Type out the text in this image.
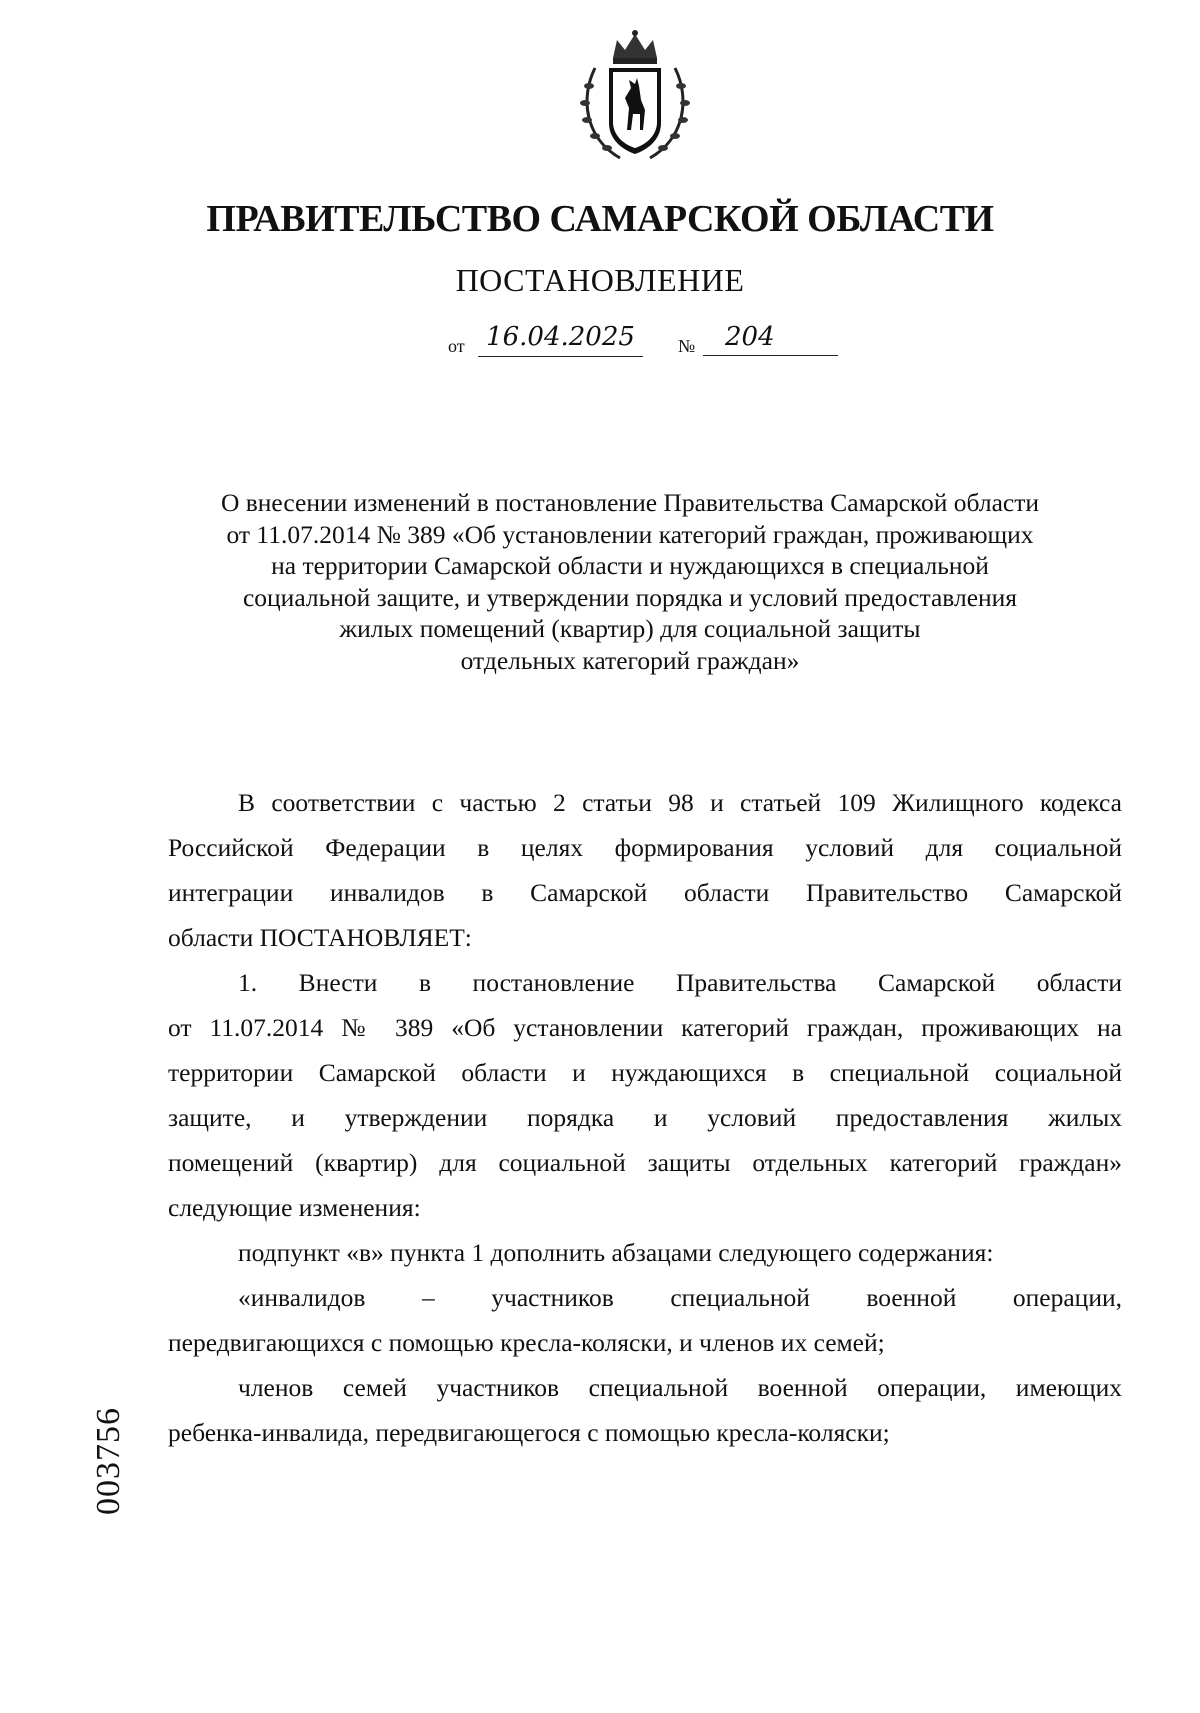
ПРАВИТЕЛЬСТВО САМАРСКОЙ ОБЛАСТИ
ПОСТАНОВЛЕНИЕ
от 16.04.2025	№	204
О внесении изменений в постановление Правительства Самарской области
от 11.07.2014 № 389 «Об установлении категорий граждан, проживающих
на территории Самарской области и нуждающихся в специальной
социальной защите, и утверждении порядка и условий предоставления
жилых помещений (квартир) для социальной защиты
отдельных категорий граждан»
В соответствии с частью 2 статьи 98 и статьей 109 Жилищного кодекса
Российской Федерации в целях формирования условий для социальной
интеграции инвалидов в Самарской области Правительство Самарской
области ПОСТАНОВЛЯЕТ:
1. Внести в постановление Правительства Самарской области
от 11.07.2014 № 389 «Об установлении категорий граждан, проживающих на
территории Самарской области и нуждающихся в специальной социальной
защите, и утверждении порядка и условий предоставления жилых
помещений (квартир) для социальной защиты отдельных категорий граждан»
следующие изменения:
подпункт «в» пункта 1 дополнить абзацами следующего содержания:
«инвалидов – участников специальной военной операции,
передвигающихся с помощью кресла-коляски, и членов их семей;
членов семей участников специальной военной операции, имеющих
ребенка-инвалида, передвигающегося с помощью кресла-коляски;
003756
